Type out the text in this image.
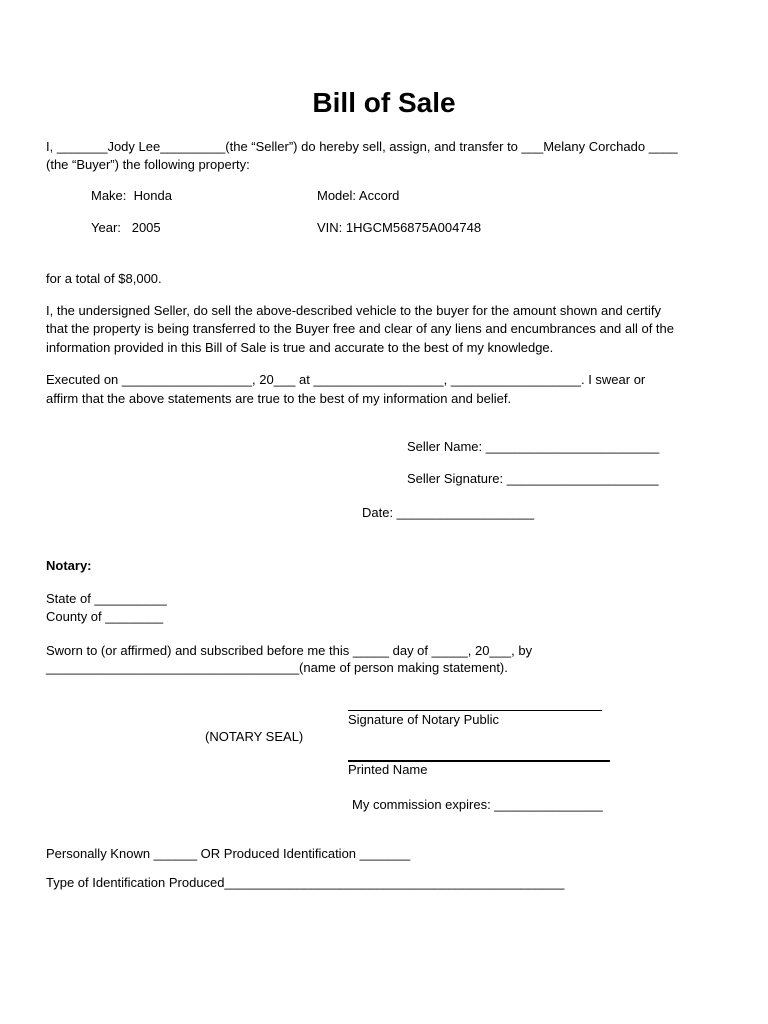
Bill of Sale
I, _______Jody Lee_________(the “Seller”) do hereby sell, assign, and transfer to ___Melany Corchado ____
(the “Buyer”) the following property:
Make:  Honda	Model: Accord
Year:   2005	VIN: 1HGCM56875A004748
for a total of $8,000.
I, the undersigned Seller, do sell the above-described vehicle to the buyer for the amount shown and certify
that the property is being transferred to the Buyer free and clear of any liens and encumbrances and all of the
information provided in this Bill of Sale is true and accurate to the best of my knowledge.
Executed on __________________, 20___ at __________________, __________________. I swear or
affirm that the above statements are true to the best of my information and belief.
Seller Name: ________________________
Seller Signature: _____________________
Date: ___________________
Notary:
State of __________
County of ________
Sworn to (or affirmed) and subscribed before me this _____ day of _____, 20___, by
___________________________________(name of person making statement).
Signature of Notary Public
(NOTARY SEAL)
Printed Name
My commission expires: _______________
Personally Known ______ OR Produced Identification _______
Type of Identification Produced_______________________________________________
